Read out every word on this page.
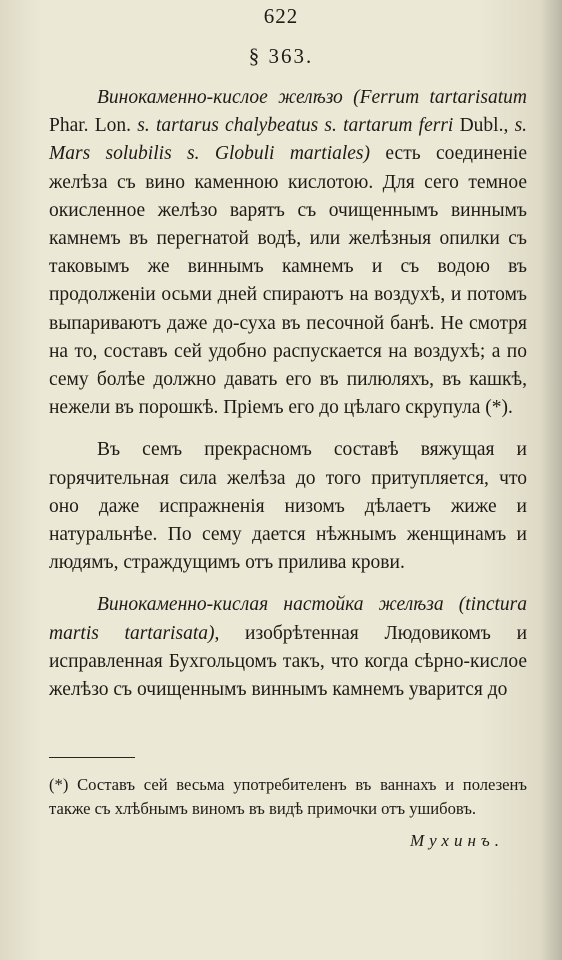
622
§ 363.

Винокаменно-кислое желѣзо (Ferrum tartarisatum Phar. Lon. s. tartarus chalybeatus s. tartarum ferri Dubl., s. Mars solubilis s. Globuli martiales) есть соединеніе желѣза съ вино каменною кислотою. Для сего темное окисленное желѣзо варятъ съ очищеннымъ виннымъ камнемъ въ перегнатой водѣ, или желѣзныя опилки съ таковымъ же виннымъ камнемъ и съ водою въ продолженіи осьми дней спираютъ на воздухѣ, и потомъ выпариваютъ даже до-суха въ песочной банѣ. Не смотря на то, составъ сей удобно распускается на воздухѣ; а по сему болѣе должно давать его въ пилюляхъ, въ кашкѣ, нежели въ порошкѣ. Пріемъ его до цѣлаго скрупула (*).

Въ семъ прекрасномъ составѣ вяжущая и горячительная сила желѣза до того притупляется, что оно даже испражненія низомъ дѣлаетъ жиже и натуральнѣе. По сему дается нѣжнымъ женщинамъ и людямъ, страждущимъ отъ прилива крови.

Винокаменно-кислая настойка желѣза (tinctura martis tartarisata), изобрѣтенная Людовикомъ и исправленная Бухгольцомъ такъ, что когда сѣрно-кислое желѣзо съ очищеннымъ виннымъ камнемъ уварится до

(*) Составъ сей весьма употребителенъ въ ваннахъ и полезенъ также съ хлѣбнымъ виномъ въ видѣ примочки отъ ушибовъ.

Мухинъ.
